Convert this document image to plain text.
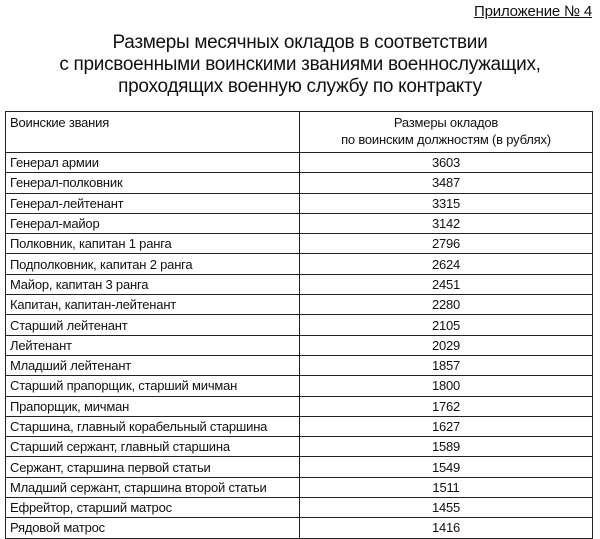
Приложение № 4
Размеры месячных окладов в соответствии
с присвоенными воинскими званиями военнослужащих,
проходящих военную службу по контракту
Воинские звания	Размеры окладов
по воинским должностям (в рублях)

Генерал армии	3603
Генерал-полковник	3487
Генерал-лейтенант	3315
Генерал-майор	3142
Полковник, капитан 1 ранга	2796
Подполковник, капитан 2 ранга	2624
Майор, капитан 3 ранга	2451
Капитан, капитан-лейтенант	2280
Старший лейтенант	2105
Лейтенант	2029
Младший лейтенант	1857
Старший прапорщик, старший мичман	1800
Прапорщик, мичман	1762
Старшина, главный корабельный старшина	1627
Старший сержант, главный старшина	1589
Сержант, старшина первой статьи	1549
Младший сержант, старшина второй статьи	1511
Ефрейтор, старший матрос	1455
Рядовой матрос	1416
